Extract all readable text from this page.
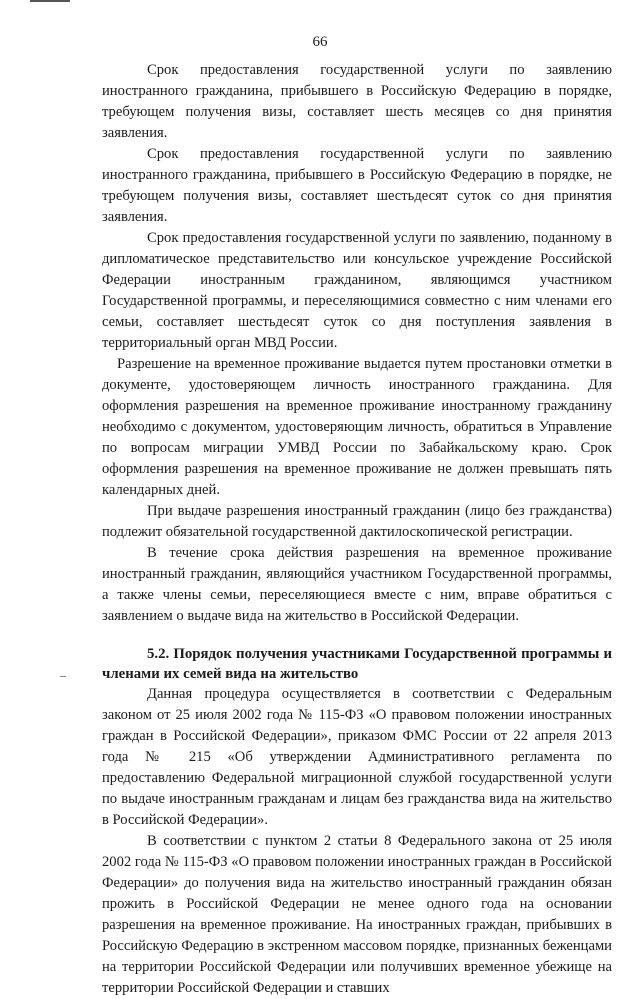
66

Срок предоставления государственной услуги по заявлению иностранного гражданина, прибывшего в Российскую Федерацию в порядке, требующем получения визы, составляет шесть месяцев со дня принятия заявления.

Срок предоставления государственной услуги по заявлению иностранного гражданина, прибывшего в Российскую Федерацию в порядке, не требующем получения визы, составляет шестьдесят суток со дня принятия заявления.

Срок предоставления государственной услуги по заявлению, поданному в дипломатическое представительство или консульское учреждение Российской Федерации иностранным гражданином, являющимся участником Государственной программы, и переселяющимися совместно с ним членами его семьи, составляет шестьдесят суток со дня поступления заявления в территориальный орган МВД России.

Разрешение на временное проживание выдается путем простановки отметки в документе, удостоверяющем личность иностранного гражданина. Для оформления разрешения на временное проживание иностранному гражданину необходимо с документом, удостоверяющим личность, обратиться в Управление по вопросам миграции УМВД России по Забайкальскому краю. Срок оформления разрешения на временное проживание не должен превышать пять календарных дней.

При выдаче разрешения иностранный гражданин (лицо без гражданства) подлежит обязательной государственной дактилоскопической регистрации.

В течение срока действия разрешения на временное проживание иностранный гражданин, являющийся участником Государственной программы, а также члены семьи, переселяющиеся вместе с ним, вправе обратиться с заявлением о выдаче вида на жительство в Российской Федерации.

5.2. Порядок получения участниками Государственной программы и членами их семей вида на жительство

Данная процедура осуществляется в соответствии с Федеральным законом от 25 июля 2002 года № 115-ФЗ «О правовом положении иностранных граждан в Российской Федерации», приказом ФМС России от 22 апреля 2013 года № 215 «Об утверждении Административного регламента по предоставлению Федеральной миграционной службой государственной услуги по выдаче иностранным гражданам и лицам без гражданства вида на жительство в Российской Федерации».

В соответствии с пунктом 2 статьи 8 Федерального закона от 25 июля 2002 года № 115-ФЗ «О правовом положении иностранных граждан в Российской Федерации» до получения вида на жительство иностранный гражданин обязан прожить в Российской Федерации не менее одного года на основании разрешения на временное проживание. На иностранных граждан, прибывших в Российскую Федерацию в экстренном массовом порядке, признанных беженцами на территории Российской Федерации или получивших временное убежище на территории Российской Федерации и ставших
